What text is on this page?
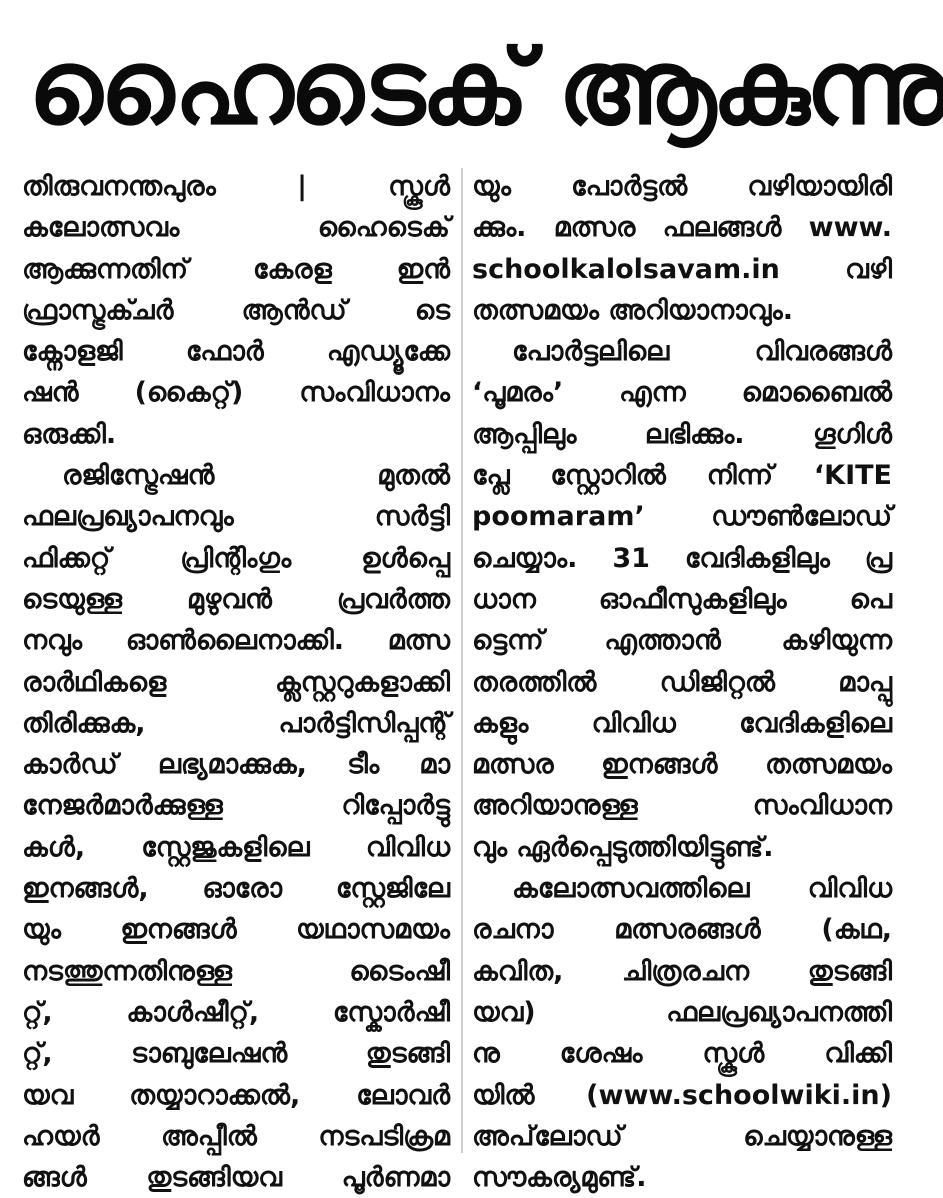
ഹൈടെക് ആകുന്നു
തിരുവനന്തപുരം | സ്കൂൾ
കലോത്സവം ഹൈടെക്
ആക്കുന്നതിന് കേരള ഇൻ
ഫ്രാസ്ട്രക്ചർ ആൻഡ് ടെ
ക്നോളജി ഫോർ എഡ്യൂക്കേ
ഷൻ (കൈറ്റ്) സംവിധാനം
ഒരുക്കി.
രജിസ്ട്രേഷൻ മുതൽ
ഫലപ്രഖ്യാപനവും സർട്ടി
ഫിക്കറ്റ് പ്രിന്റിംഗും ഉൾപ്പെ
ടെയുള്ള മുഴുവൻ പ്രവർത്ത
നവും ഓൺലൈനാക്കി. മത്സ
രാർഥികളെ ക്ലസ്റ്ററുകളാക്കി
തിരിക്കുക, പാർട്ടിസിപ്പന്റ്
കാർഡ് ലഭ്യമാക്കുക, ടീം മാ
നേജർമാർക്കുള്ള റിപ്പോർട്ടു
കൾ, സ്റ്റേജുകളിലെ വിവിധ
ഇനങ്ങൾ, ഓരോ സ്റ്റേജിലേ
യും ഇനങ്ങൾ യഥാസമയം
നടത്തുന്നതിനുള്ള ടൈംഷീ
റ്റ്, കാൾഷീറ്റ്, സ്കോർഷീ
റ്റ്, ടാബുലേഷൻ തുടങ്ങി
യവ തയ്യാറാക്കൽ, ലോവർ
ഹയർ അപ്പീൽ നടപടിക്രമ
ങ്ങൾ തുടങ്ങിയവ പൂർണമാ
യും പോർട്ടൽ വഴിയായിരി
ക്കും. മത്സര ഫലങ്ങൾ www.
schoolkalolsavam.in വഴി
തത്സമയം അറിയാനാവും.
പോർട്ടലിലെ വിവരങ്ങൾ
‘പൂമരം’ എന്ന മൊബൈൽ
ആപ്പിലും ലഭിക്കും. ഗൂഗിൾ
പ്ലേ സ്റ്റോറിൽ നിന്ന് ‘KITE
poomaram’ ഡൗൺലോഡ്
ചെയ്യാം. 31 വേദികളിലും പ്ര
ധാന ഓഫീസുകളിലും പെ
ട്ടെന്ന് എത്താൻ കഴിയുന്ന
തരത്തിൽ ഡിജിറ്റൽ മാപ്പു
കളും വിവിധ വേദികളിലെ
മത്സര ഇനങ്ങൾ തത്സമയം
അറിയാനുള്ള സംവിധാന
വും ഏർപ്പെടുത്തിയിട്ടുണ്ട്.
കലോത്സവത്തിലെ വിവിധ
രചനാ മത്സരങ്ങൾ (കഥ,
കവിത, ചിത്രരചന തുടങ്ങി
യവ) ഫലപ്രഖ്യാപനത്തി
നു ശേഷം സ്കൂൾ വിക്കി
യിൽ (www.schoolwiki.in)
അപ്‌ലോഡ് ചെയ്യാനുള്ള
സൗകര്യമുണ്ട്.
